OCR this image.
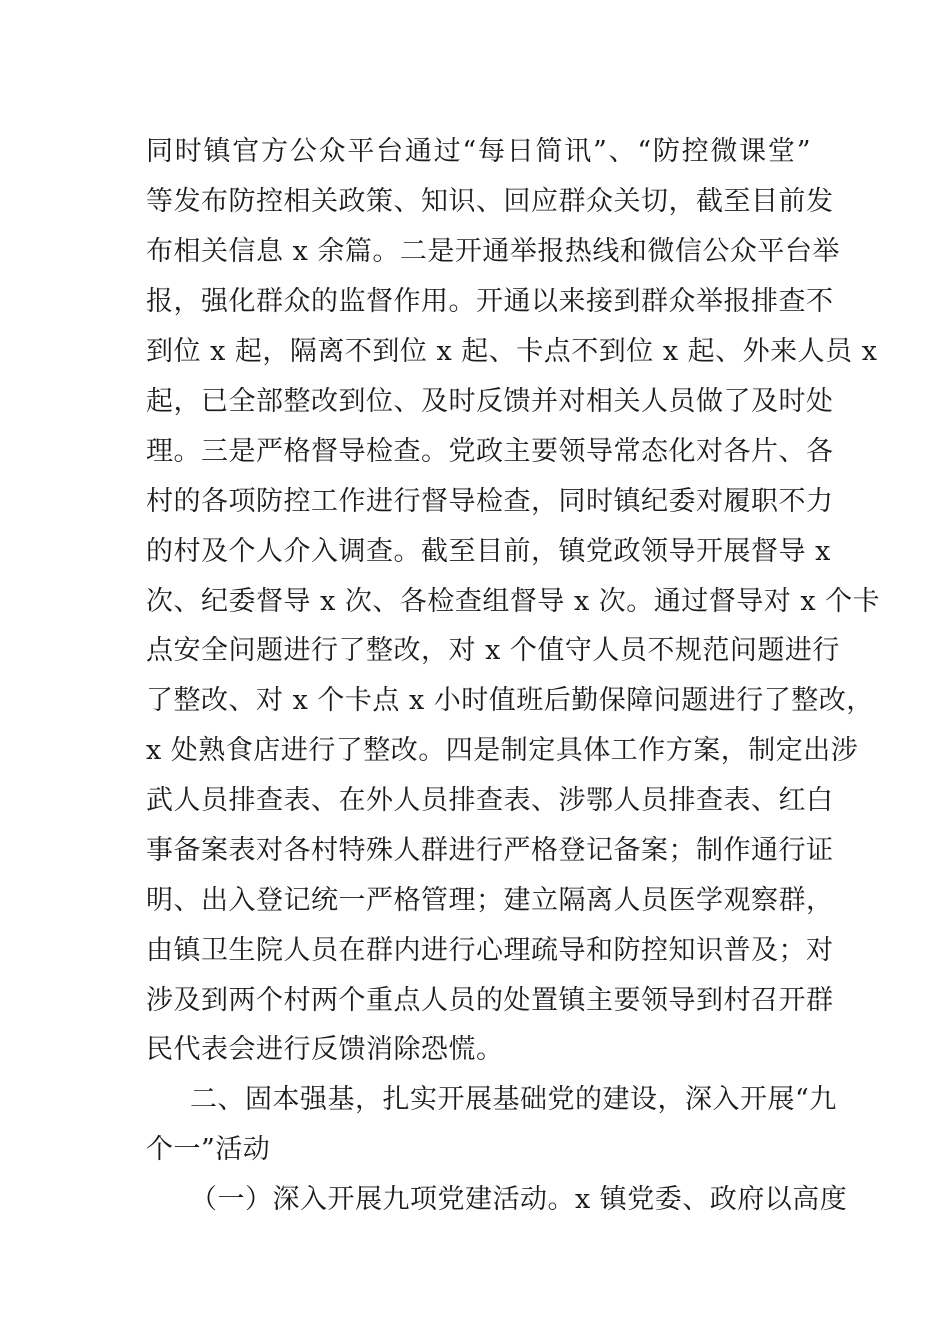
同时镇官方公众平台通过“每日简讯”、“防控微课堂”
等发布防控相关政策、知识、回应群众关切，截至目前发
布相关信息 x 余篇。二是开通举报热线和微信公众平台举
报，强化群众的监督作用。开通以来接到群众举报排查不
到位 x 起，隔离不到位 x 起、卡点不到位 x 起、外来人员 x
起，已全部整改到位、及时反馈并对相关人员做了及时处
理。三是严格督导检查。党政主要领导常态化对各片、各
村的各项防控工作进行督导检查，同时镇纪委对履职不力
的村及个人介入调查。截至目前，镇党政领导开展督导 x
次、纪委督导 x 次、各检查组督导 x 次。通过督导对 x 个卡
点安全问题进行了整改，对 x 个值守人员不规范问题进行
了整改、对 x 个卡点 x 小时值班后勤保障问题进行了整改，
x 处熟食店进行了整改。四是制定具体工作方案，制定出涉
武人员排查表、在外人员排查表、涉鄂人员排查表、红白
事备案表对各村特殊人群进行严格登记备案；制作通行证
明、出入登记统一严格管理；建立隔离人员医学观察群，
由镇卫生院人员在群内进行心理疏导和防控知识普及；对
涉及到两个村两个重点人员的处置镇主要领导到村召开群
民代表会进行反馈消除恐慌。
二、固本强基，扎实开展基础党的建设，深入开展“九
个一”活动
（一）深入开展九项党建活动。x 镇党委、政府以高度
